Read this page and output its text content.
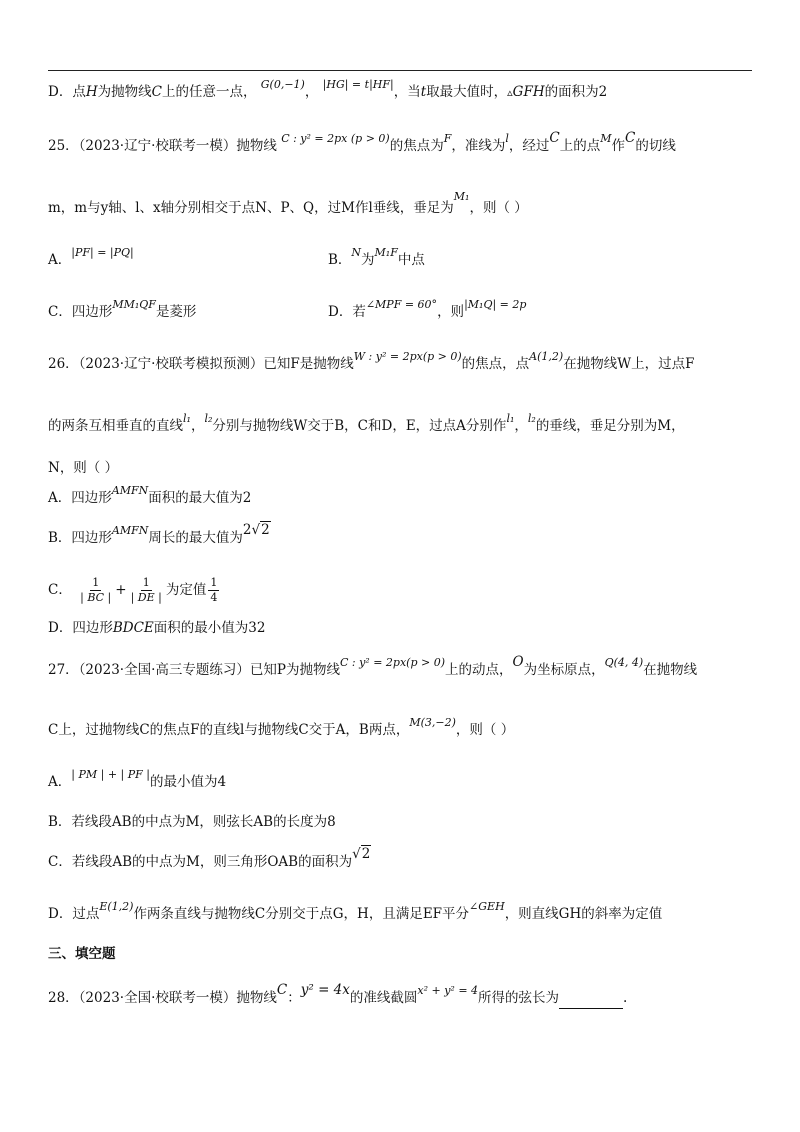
D．点H为抛物线C上的任意一点， $^{G(0,-1)}$， $^{|HG| = t|HF|}$，当t取最大值时，▵GFH的面积为2
25．（2023·辽宁·校联考一模）抛物线 $^{C : y^2 = 2px (p > 0)}$的焦点为$^F$，准线为$^l$，经过C上的点$^M$作C的切线
m，m与y轴、l、x轴分别相交于点N、P、Q，过M作l垂线，垂足为$^{M_1}$，则（ ）
A．$^{|PF| = |PQ|}$	B．$^N$为$^{M_1F}$中点
C．四边形$^{MM_1QF}$是菱形	D．若$^{\angle MPF = 60^\circ}$，则$^{|M_1Q| = 2p}$
26．（2023·辽宁·校联考模拟预测）已知F是抛物线$^{W : y^2 = 2px(p > 0)}$的焦点，点$^{A(1,2)}$在抛物线W上，过点F
的两条互相垂直的直线$^{l_1}$，$^{l_2}$分别与抛物线W交于B，C和D，E，过点A分别作$^{l_1}$，$^{l_2}$的垂线，垂足分别为M，
N，则（ ）
A．四边形$^{AMFN}$面积的最大值为2
B．四边形$^{AMFN}$周长的最大值为2√2
C． $\frac{1}{| BC |} + \frac{1}{| DE |}$ 为定值 $\frac{1}{4}$
D．四边形BDCE面积的最小值为32
27．（2023·全国·高三专题练习）已知P为抛物线$^{C : y^2 = 2px(p > 0)}$上的动点，O为坐标原点，$^{Q(4, 4)}$在抛物线
C上，过抛物线C的焦点F的直线l与抛物线C交于A，B两点，$^{M(3,-2)}$，则（ ）
A．$^{| PM | + | PF |}$的最小值为4
B．若线段AB的中点为M，则弦长AB的长度为8
C．若线段AB的中点为M，则三角形OAB的面积为√2
D．过点$^{E(1,2)}$作两条直线与抛物线C分别交于点G，H，且满足EF平分$^{\angle GEH}$，则直线GH的斜率为定值
三、填空题
28．（2023·全国·校联考一模）抛物线C：y² = 4x的准线截圆$^{x^2 + y^2 = 4}$所得的弦长为	.
